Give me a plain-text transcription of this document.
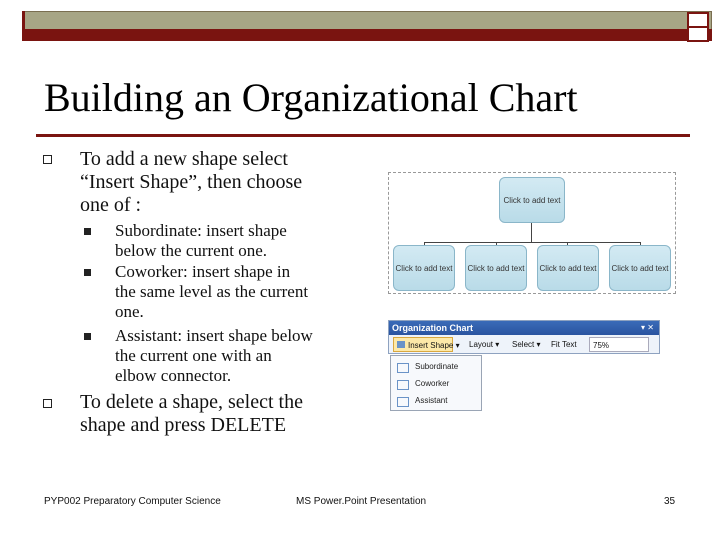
Building an Organizational Chart
To add a new shape select
“Insert Shape”, then choose
one of :
Subordinate: insert shape
below the current one.
Coworker: insert shape in
the same level as the current
one.
Assistant: insert shape below
the current one with an
elbow connector.
To delete a shape, select the
shape and press DELETE
Click to add text
Click to add text	Click to add text	Click to add text	Click to add text
Organization Chart	▾ ✕
Insert Shape ▾ Layout ▾ Select ▾ Fit Text	75%
Subordinate
Coworker
Assistant
PYP002 Preparatory Computer Science	MS Power.Point Presentation	35
